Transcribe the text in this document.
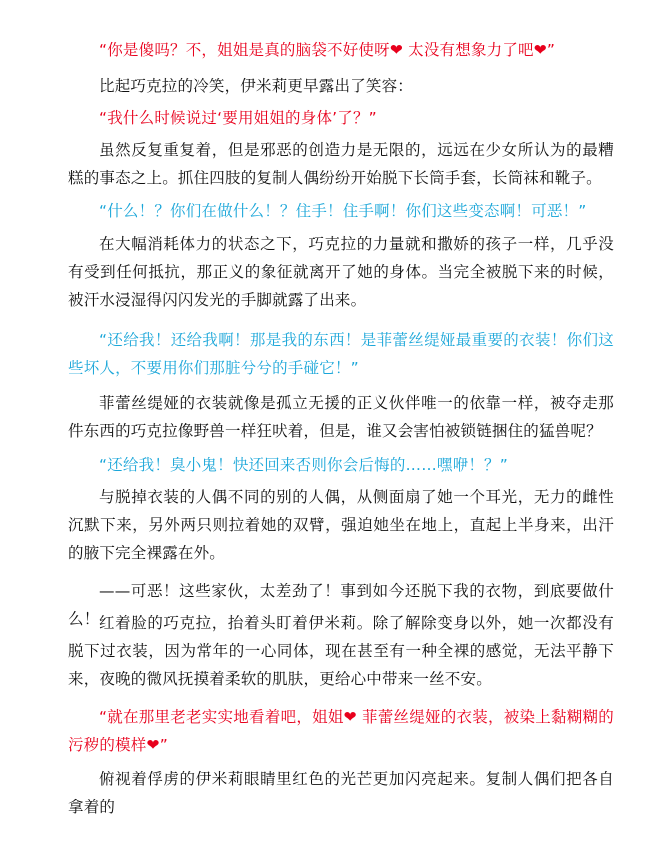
“你是傻吗？不，姐姐是真的脑袋不好使呀❤ 太没有想象力了吧❤”

比起巧克拉的冷笑，伊米莉更早露出了笑容：

“我什么时候说过‘要用姐姐的身体’了？”

虽然反复重复着，但是邪恶的创造力是无限的，远远在少女所认为的最糟糕的事态之上。抓住四肢的复制人偶纷纷开始脱下长筒手套，长筒袜和靴子。

“什么！？你们在做什么！？住手！住手啊！你们这些变态啊！可恶！”

在大幅消耗体力的状态之下，巧克拉的力量就和撒娇的孩子一样，几乎没有受到任何抵抗，那正义的象征就离开了她的身体。当完全被脱下来的时候，被汗水浸湿得闪闪发光的手脚就露了出来。

“还给我！还给我啊！那是我的东西！是菲蕾丝缇娅最重要的衣装！你们这些坏人，不要用你们那脏兮兮的手碰它！”

菲蕾丝缇娅的衣装就像是孤立无援的正义伙伴唯一的依靠一样，被夺走那件东西的巧克拉像野兽一样狂吠着，但是，谁又会害怕被锁链捆住的猛兽呢？

“还给我！臭小鬼！快还回来否则你会后悔的……嘿咿！？”

与脱掉衣装的人偶不同的别的人偶，从侧面扇了她一个耳光，无力的雌性沉默下来，另外两只则拉着她的双臂，强迫她坐在地上，直起上半身来，出汗的腋下完全裸露在外。

——可恶！这些家伙，太差劲了！事到如今还脱下我的衣物，到底要做什么！ 红着脸的巧克拉，抬着头盯着伊米莉。除了解除变身以外，她一次都没有脱下过衣装，因为常年的一心同体，现在甚至有一种全裸的感觉，无法平静下来，夜晚的微风抚摸着柔软的肌肤，更给心中带来一丝不安。

“就在那里老老实实地看着吧，姐姐❤ 菲蕾丝缇娅的衣装，被染上黏糊糊的污秽的模样❤”

俯视着俘虏的伊米莉眼睛里红色的光芒更加闪亮起来。复制人偶们把各自拿着的
